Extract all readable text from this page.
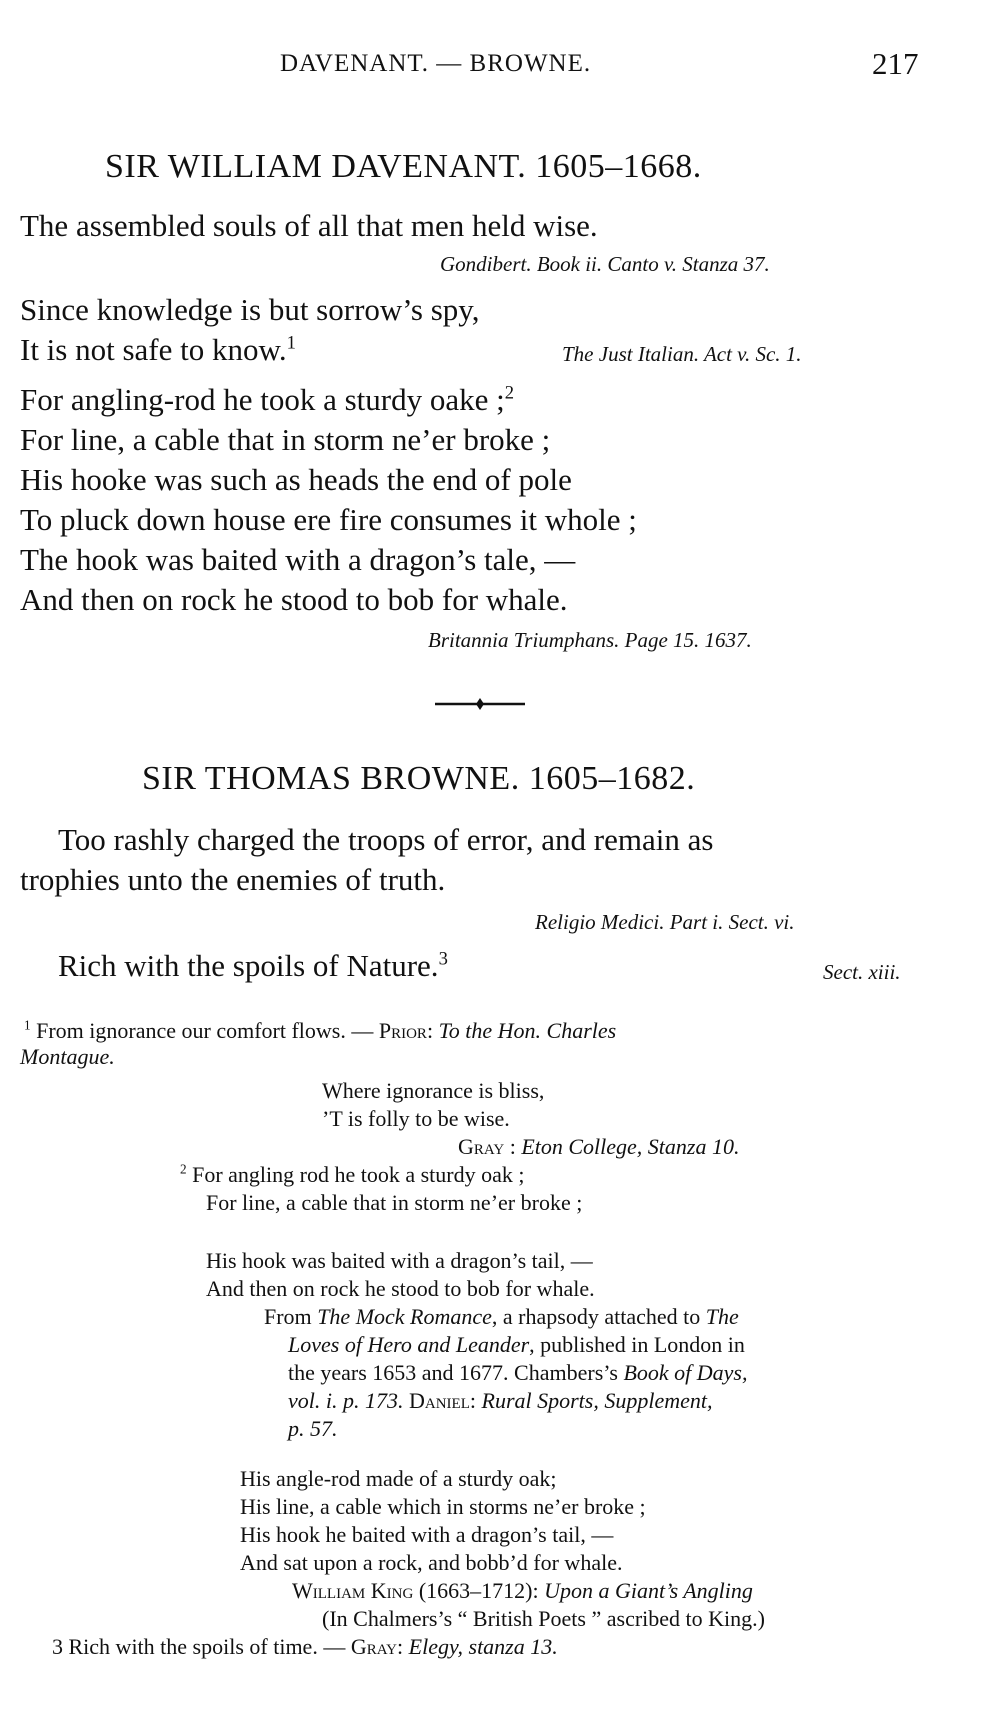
DAVENANT. — BROWNE.	217
SIR WILLIAM DAVENANT. 1605–1668.
The assembled souls of all that men held wise.
Gondibert. Book ii. Canto v. Stanza 37.
Since knowledge is but sorrow’s spy,
It is not safe to know.$^1$	The Just Italian. Act v. Sc. 1.
For angling-rod he took a sturdy oake ;$^2$
For line, a cable that in storm ne’er broke ;
His hooke was such as heads the end of pole
To pluck down house ere fire consumes it whole ;
The hook was baited with a dragon’s tale, —
And then on rock he stood to bob for whale.
Britannia Triumphans. Page 15. 1637.
SIR THOMAS BROWNE. 1605–1682.
Too rashly charged the troops of error, and remain as
trophies unto the enemies of truth.
Religio Medici. Part i. Sect. vi.
Rich with the spoils of Nature.$^3$
Sect. xiii.
$^1$ From ignorance our comfort flows. — Prior: To the Hon. Charles
Montague.
Where ignorance is bliss,
’T is folly to be wise.
Gray : Eton College, Stanza 10.
$^2$ For angling rod he took a sturdy oak ;
For line, a cable that in storm ne’er broke ;
His hook was baited with a dragon’s tail, —
And then on rock he stood to bob for whale.
From The Mock Romance, a rhapsody attached to The
Loves of Hero and Leander, published in London in
the years 1653 and 1677. Chambers’s Book of Days,
vol. i. p. 173. Daniel: Rural Sports, Supplement,
p. 57.
His angle-rod made of a sturdy oak;
His line, a cable which in storms ne’er broke ;
His hook he baited with a dragon’s tail, —
And sat upon a rock, and bobb’d for whale.
William King (1663–1712): Upon a Giant’s Angling
(In Chalmers’s “ British Poets ” ascribed to King.)
3 Rich with the spoils of time. — Gray: Elegy, stanza 13.
